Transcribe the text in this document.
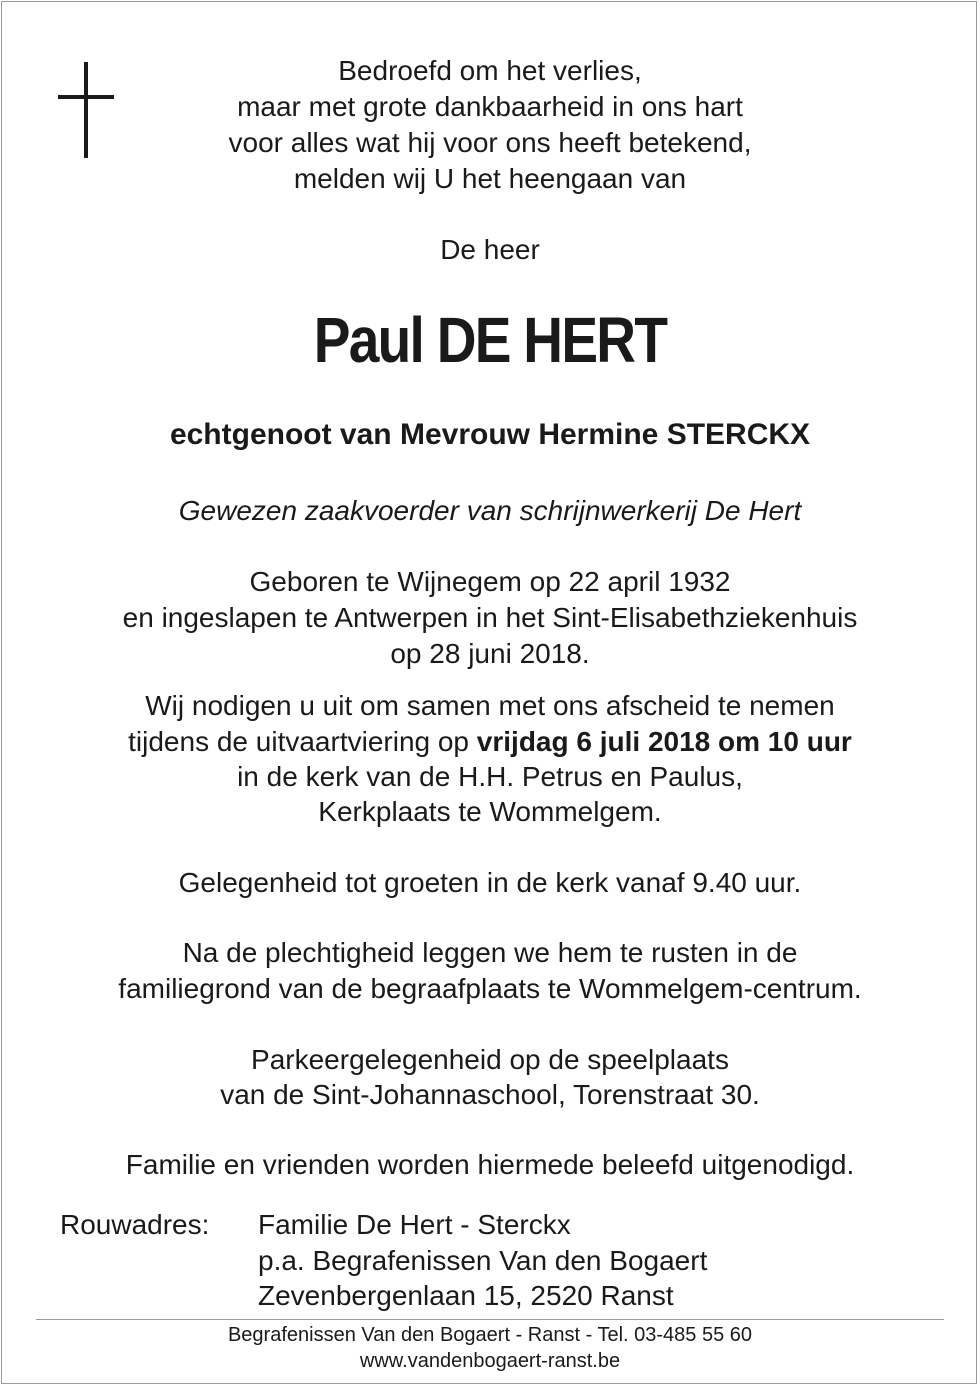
Bedroefd om het verlies,
maar met grote dankbaarheid in ons hart
voor alles wat hij voor ons heeft betekend,
melden wij U het heengaan van
De heer
Paul DE HERT
echtgenoot van Mevrouw Hermine STERCKX
Gewezen zaakvoerder van schrijnwerkerij De Hert
Geboren te Wijnegem op 22 april 1932
en ingeslapen te Antwerpen in het Sint-Elisabethziekenhuis
op 28 juni 2018.
Wij nodigen u uit om samen met ons afscheid te nemen
tijdens de uitvaartviering op vrijdag 6 juli 2018 om 10 uur
in de kerk van de H.H. Petrus en Paulus,
Kerkplaats te Wommelgem.
Gelegenheid tot groeten in de kerk vanaf 9.40 uur.
Na de plechtigheid leggen we hem te rusten in de
familiegrond van de begraafplaats te Wommelgem-centrum.
Parkeergelegenheid op de speelplaats
van de Sint-Johannaschool, Torenstraat 30.
Familie en vrienden worden hiermede beleefd uitgenodigd.
Rouwadres: Familie De Hert - Sterckx
p.a. Begrafenissen Van den Bogaert
Zevenbergenlaan 15, 2520 Ranst
Begrafenissen Van den Bogaert - Ranst - Tel. 03-485 55 60
www.vandenbogaert-ranst.be
